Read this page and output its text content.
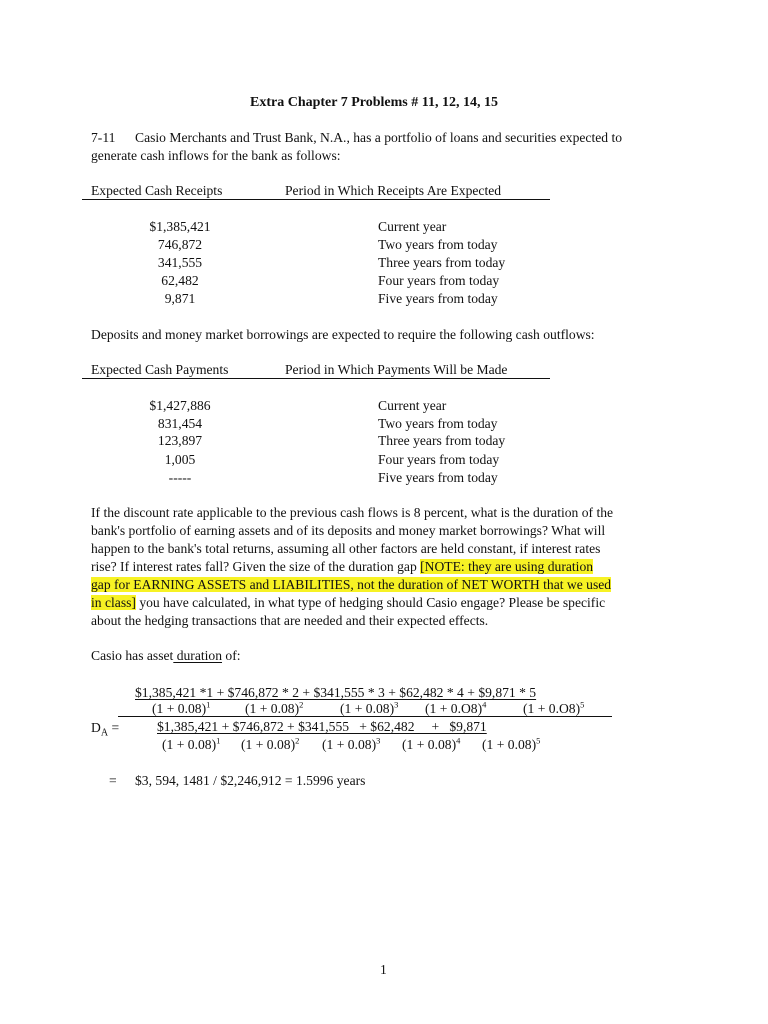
Extra Chapter 7 Problems # 11, 12, 14, 15
7-11 Casio Merchants and Trust Bank, N.A., has a portfolio of loans and securities expected to
generate cash inflows for the bank as follows:
Expected Cash Receipts	Period in Which Receipts Are Expected
$1,385,421	Current year
746,872	Two years from today
341,555	Three years from today
62,482	Four years from today
9,871	Five years from today
Deposits and money market borrowings are expected to require the following cash outflows:
Expected Cash Payments	Period in Which Payments Will be Made
$1,427,886	Current year
831,454	Two years from today
123,897	Three years from today
1,005	Four years from today
-----	Five years from today
If the discount rate applicable to the previous cash flows is 8 percent, what is the duration of the
bank's portfolio of earning assets and of its deposits and money market borrowings? What will
happen to the bank's total returns, assuming all other factors are held constant, if interest rates
rise? If interest rates fall? Given the size of the duration gap [NOTE: they are using duration
gap for EARNING ASSETS and LIABILITIES, not the duration of NET WORTH that we used
in class] you have calculated, in what type of hedging should Casio engage? Please be specific
about the hedging transactions that are needed and their expected effects.
Casio has asset duration of:
$1,385,421 *1 + $746,872 * 2 + $341,555 * 3 + $62,482 * 4 + $9,871 * 5
$(1 + 0.08)^1$	$(1 + 0.08)^2$	$(1 + 0.08)^3$ $(1 + 0.O8)^4$	$(1 + 0.O8)^5$
$D_A$ =	$1,385,421 + $746,872 + $341,555   + $62,482     +   $9,871
$(1 + 0.08)^1$ $(1 + 0.08)^2$ $(1 + 0.08)^3$ $(1 + 0.08)^4$ $(1 + 0.08)^5$
= $3, 594, 1481 / $2,246,912 = 1.5996 years
1
